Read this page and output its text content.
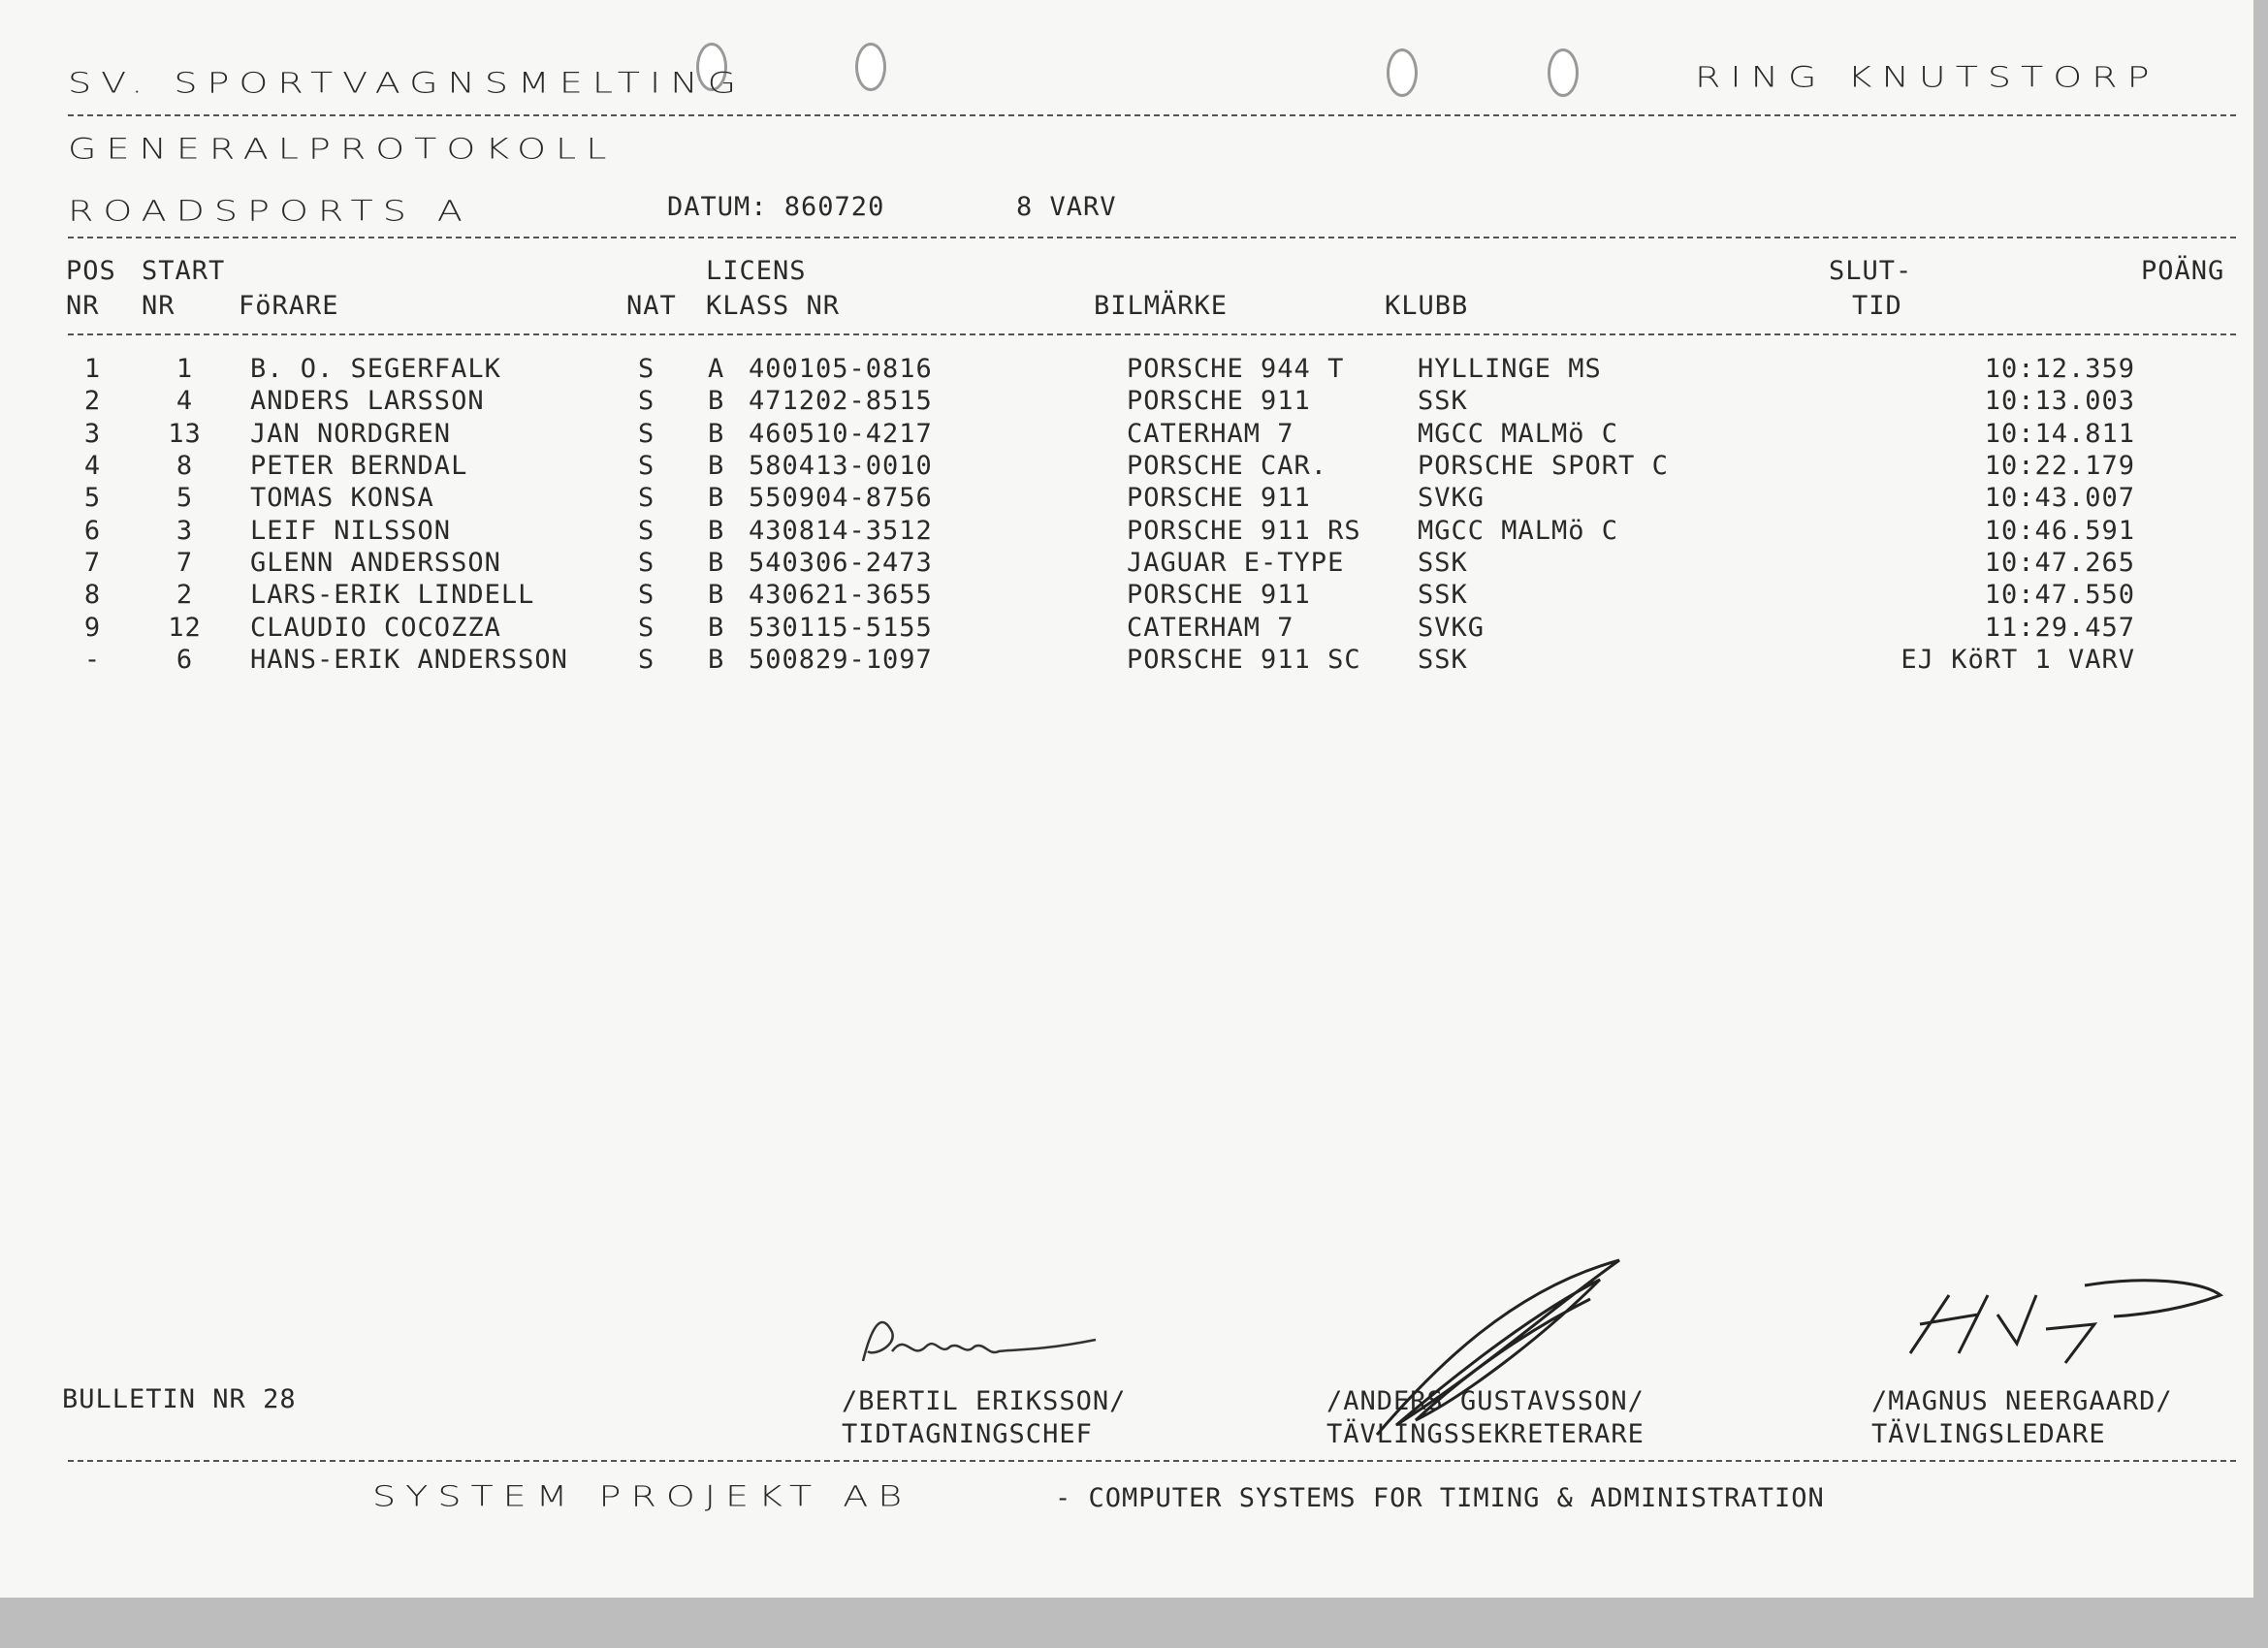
SV. SPORTVAGNSMELTING	RING KNUTSTORP
GENERALPROTOKOLL
ROADSPORTS A	DATUM: 860720	8 VARV
POS START	LICENS	SLUT-	POÄNG
NR NR FöRARE	NAT KLASS NR	BILMÄRKE	KLUBB	TID
1	1	B. O. SEGERFALK	S	A	400105-0816	PORSCHE 944 T	HYLLINGE MS	10:12.359
2	4	ANDERS LARSSON	S	B	471202-8515	PORSCHE 911	SSK	10:13.003
3	13	JAN NORDGREN	S	B	460510-4217	CATERHAM 7	MGCC MALMö C	10:14.811
4	8	PETER BERNDAL	S	B	580413-0010	PORSCHE CAR.	PORSCHE SPORT C	10:22.179
5	5	TOMAS KONSA	S	B	550904-8756	PORSCHE 911	SVKG	10:43.007
6	3	LEIF NILSSON	S	B	430814-3512	PORSCHE 911 RS	MGCC MALMö C	10:46.591
7	7	GLENN ANDERSSON	S	B	540306-2473	JAGUAR E-TYPE	SSK	10:47.265
8	2	LARS-ERIK LINDELL	S	B	430621-3655	PORSCHE 911	SSK	10:47.550
9	12	CLAUDIO COCOZZA	S	B	530115-5155	CATERHAM 7	SVKG	11:29.457
-	6	HANS-ERIK ANDERSSON	S	B	500829-1097	PORSCHE 911 SC	SSK	EJ KöRT 1 VARV
BULLETIN NR 28	/BERTIL ERIKSSON/
TIDTAGNINGSCHEF
/ANDERS GUSTAVSSON/
TÄVLINGSSEKRETERARE
/MAGNUS NEERGAARD/
TÄVLINGSLEDARE
SYSTEM PROJEKT AB	- COMPUTER SYSTEMS FOR TIMING & ADMINISTRATION
